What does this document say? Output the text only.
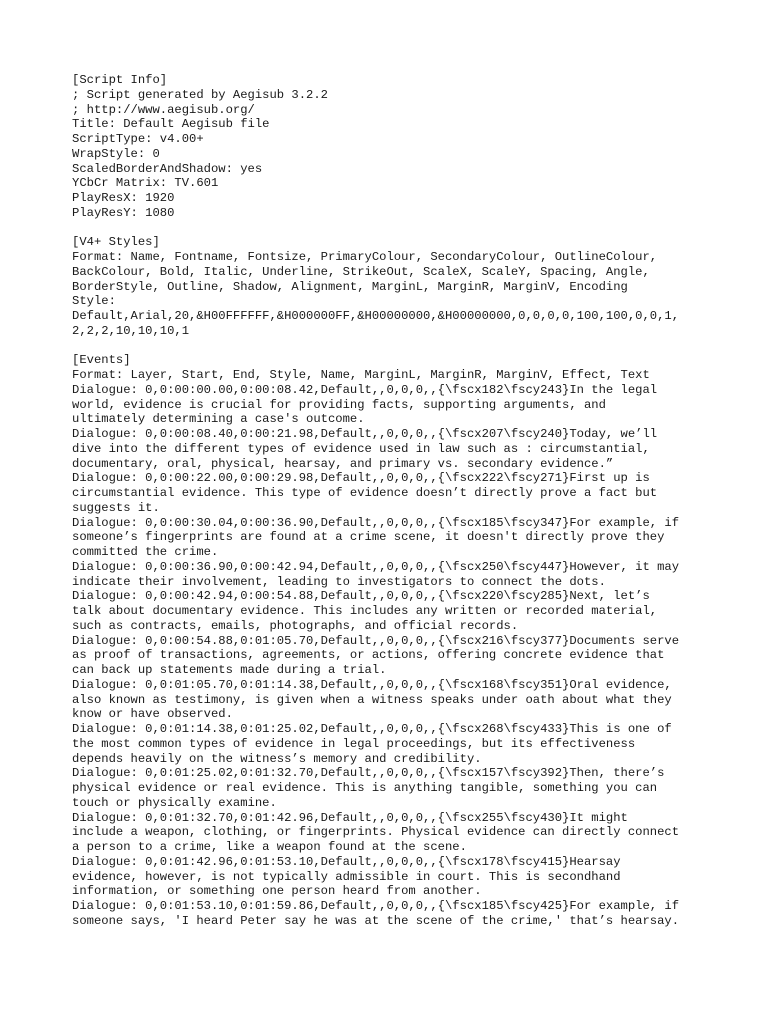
[Script Info]
; Script generated by Aegisub 3.2.2
; http://www.aegisub.org/
Title: Default Aegisub file
ScriptType: v4.00+
WrapStyle: 0
ScaledBorderAndShadow: yes
YCbCr Matrix: TV.601
PlayResX: 1920
PlayResY: 1080
[V4+ Styles]
Format: Name, Fontname, Fontsize, PrimaryColour, SecondaryColour, OutlineColour,
BackColour, Bold, Italic, Underline, StrikeOut, ScaleX, ScaleY, Spacing, Angle,
BorderStyle, Outline, Shadow, Alignment, MarginL, MarginR, MarginV, Encoding
Style:
Default,Arial,20,&H00FFFFFF,&H000000FF,&H00000000,&H00000000,0,0,0,0,100,100,0,0,1,
2,2,2,10,10,10,1
[Events]
Format: Layer, Start, End, Style, Name, MarginL, MarginR, MarginV, Effect, Text
Dialogue: 0,0:00:00.00,0:00:08.42,Default,,0,0,0,,{\fscx182\fscy243}In the legal
world, evidence is crucial for providing facts, supporting arguments, and
ultimately determining a case's outcome.
Dialogue: 0,0:00:08.40,0:00:21.98,Default,,0,0,0,,{\fscx207\fscy240}Today, we’ll
dive into the different types of evidence used in law such as : circumstantial,
documentary, oral, physical, hearsay, and primary vs. secondary evidence.”
Dialogue: 0,0:00:22.00,0:00:29.98,Default,,0,0,0,,{\fscx222\fscy271}First up is
circumstantial evidence. This type of evidence doesn’t directly prove a fact but
suggests it.
Dialogue: 0,0:00:30.04,0:00:36.90,Default,,0,0,0,,{\fscx185\fscy347}For example, if
someone’s fingerprints are found at a crime scene, it doesn't directly prove they
committed the crime.
Dialogue: 0,0:00:36.90,0:00:42.94,Default,,0,0,0,,{\fscx250\fscy447}However, it may
indicate their involvement, leading to investigators to connect the dots.
Dialogue: 0,0:00:42.94,0:00:54.88,Default,,0,0,0,,{\fscx220\fscy285}Next, let’s
talk about documentary evidence. This includes any written or recorded material,
such as contracts, emails, photographs, and official records.
Dialogue: 0,0:00:54.88,0:01:05.70,Default,,0,0,0,,{\fscx216\fscy377}Documents serve
as proof of transactions, agreements, or actions, offering concrete evidence that
can back up statements made during a trial.
Dialogue: 0,0:01:05.70,0:01:14.38,Default,,0,0,0,,{\fscx168\fscy351}Oral evidence,
also known as testimony, is given when a witness speaks under oath about what they
know or have observed.
Dialogue: 0,0:01:14.38,0:01:25.02,Default,,0,0,0,,{\fscx268\fscy433}This is one of
the most common types of evidence in legal proceedings, but its effectiveness
depends heavily on the witness’s memory and credibility.
Dialogue: 0,0:01:25.02,0:01:32.70,Default,,0,0,0,,{\fscx157\fscy392}Then, there’s
physical evidence or real evidence. This is anything tangible, something you can
touch or physically examine.
Dialogue: 0,0:01:32.70,0:01:42.96,Default,,0,0,0,,{\fscx255\fscy430}It might
include a weapon, clothing, or fingerprints. Physical evidence can directly connect
a person to a crime, like a weapon found at the scene.
Dialogue: 0,0:01:42.96,0:01:53.10,Default,,0,0,0,,{\fscx178\fscy415}Hearsay
evidence, however, is not typically admissible in court. This is secondhand
information, or something one person heard from another.
Dialogue: 0,0:01:53.10,0:01:59.86,Default,,0,0,0,,{\fscx185\fscy425}For example, if
someone says, 'I heard Peter say he was at the scene of the crime,' that’s hearsay.
